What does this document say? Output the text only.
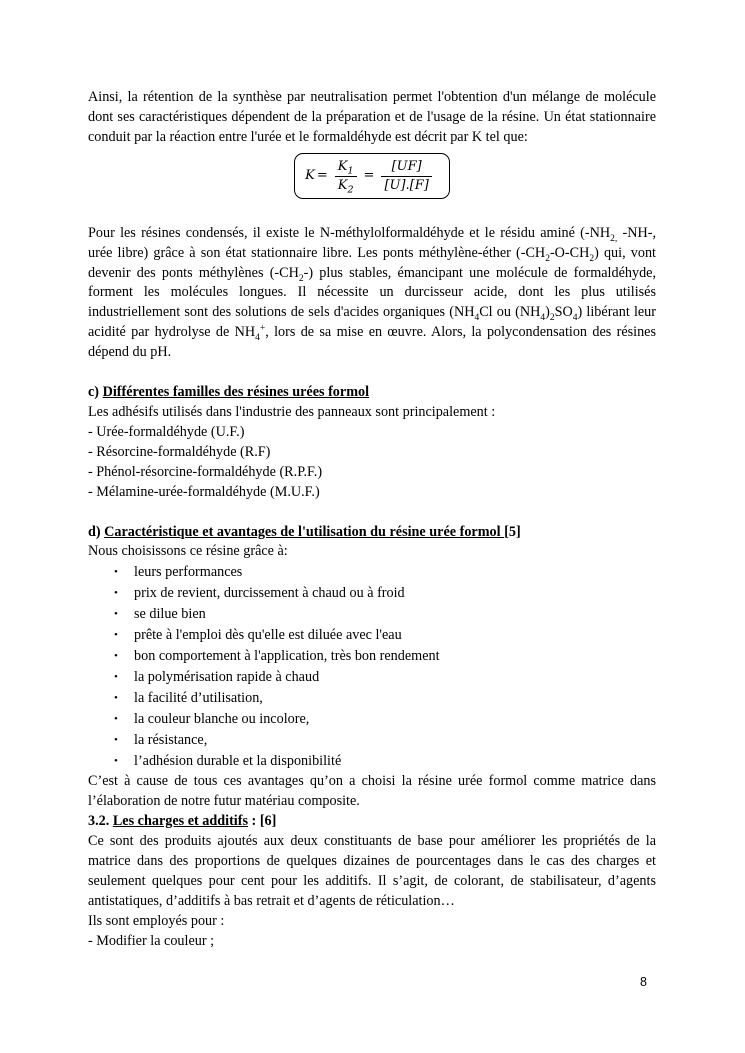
Ainsi, la rétention de la synthèse par neutralisation permet l'obtention d'un mélange de molécule dont ses caractéristiques dépendent de la préparation et de l'usage de la résine. Un état stationnaire conduit par la réaction entre l'urée et le formaldéhyde est décrit par K tel que:

$K = \frac{K_1}{K_2} = \frac{[UF]}{[U].[F]}$

Pour les résines condensés, il existe le N-méthylolformaldéhyde et le résidu aminé ($-NH_{2,}$ -NH-, urée libre) grâce à son état stationnaire libre. Les ponts méthylène-éther $(-CH_2-O-CH_2)$ qui, vont devenir des ponts méthylènes $(-CH_2-)$ plus stables, émancipant une molécule de formaldéhyde, forment les molécules longues. Il nécessite un durcisseur acide, dont les plus utilisés industriellement sont des solutions de sels d'acides organiques ($NH_4Cl$ ou $(NH_4)_2SO_4$) libérant leur acidité par hydrolyse de $NH_4^+$, lors de sa mise en œuvre. Alors, la polycondensation des résines dépend du pH.

c) Différentes familles des résines urées formol

Les adhésifs utilisés dans l'industrie des panneaux sont principalement :

- Urée-formaldéhyde (U.F.)

- Résorcine-formaldéhyde (R.F)

- Phénol-résorcine-formaldéhyde (R.P.F.)

- Mélamine-urée-formaldéhyde (M.U.F.)

d) Caractéristique et avantages de l'utilisation du résine urée formol [5]

Nous choisissons ce résine grâce à:

• leurs performances
• prix de revient, durcissement à chaud ou à froid
• se dilue bien
• prête à l'emploi dès qu'elle est diluée avec l'eau
• bon comportement à l'application, très bon rendement
• la polymérisation rapide à chaud
• la facilité d’utilisation,
• la couleur blanche ou incolore,
• la résistance,
• l’adhésion durable et la disponibilité

C’est à cause de tous ces avantages qu’on a choisi la résine urée formol comme matrice dans l’élaboration de notre futur matériau composite.

3.2. Les charges et additifs : [6]

Ce sont des produits ajoutés aux deux constituants de base pour améliorer les propriétés de la matrice dans des proportions de quelques dizaines de pourcentages dans le cas des charges et seulement quelques pour cent pour les additifs. Il s’agit, de colorant, de stabilisateur, d’agents antistatiques, d’additifs à bas retrait et d’agents de réticulation…

Ils sont employés pour :

- Modifier la couleur ;

8
